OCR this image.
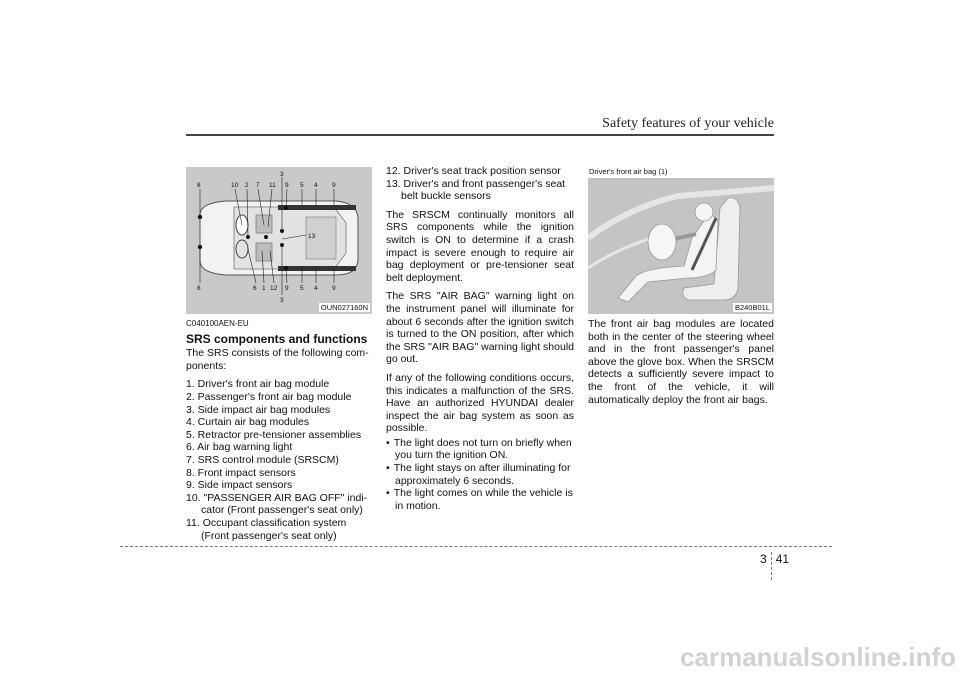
Safety features of your vehicle
3
8	10 2 7 11 9 5 4 9
13
8	6 1 12 9 5 4 9
3
OUN027160N
C040100AEN-EU
SRS components and functions

The SRS consists of the following com-ponents:

1. Driver's front air bag module
2. Passenger's front air bag module
3. Side impact air bag modules
4. Curtain air bag modules
5. Retractor pre-tensioner assemblies
6. Air bag warning light
7. SRS control module (SRSCM)
8. Front impact sensors
9. Side impact sensors
10. "PASSENGER AIR BAG OFF" indi-cator (Front passenger's seat only)
11. Occupant classification system (Front passenger's seat only)
12. Driver's seat track position sensor
13. Driver's and front passenger's seat belt buckle sensors

The SRSCM continually monitors all SRS components while the ignition switch is ON to determine if a crash impact is severe enough to require air bag deployment or pre-tensioner seat belt deployment.

The SRS "AIR BAG" warning light on the instrument panel will illuminate for about 6 seconds after the ignition switch is turned to the ON position, after which the SRS "AIR BAG" warning light should go out.

If any of the following conditions occurs, this indicates a malfunction of the SRS. Have an authorized HYUNDAI dealer inspect the air bag system as soon as possible.

• The light does not turn on briefly when you turn the ignition ON.
• The light stays on after illuminating for approximately 6 seconds.
• The light comes on while the vehicle is in motion.
Driver's front air bag (1)
B240B01L

The front air bag modules are located both in the center of the steering wheel and in the front passenger's panel above the glove box. When the SRSCM detects a sufficiently severe impact to the front of the vehicle, it will automatically deploy the front air bags.

3 41
carmanualsonline.info
